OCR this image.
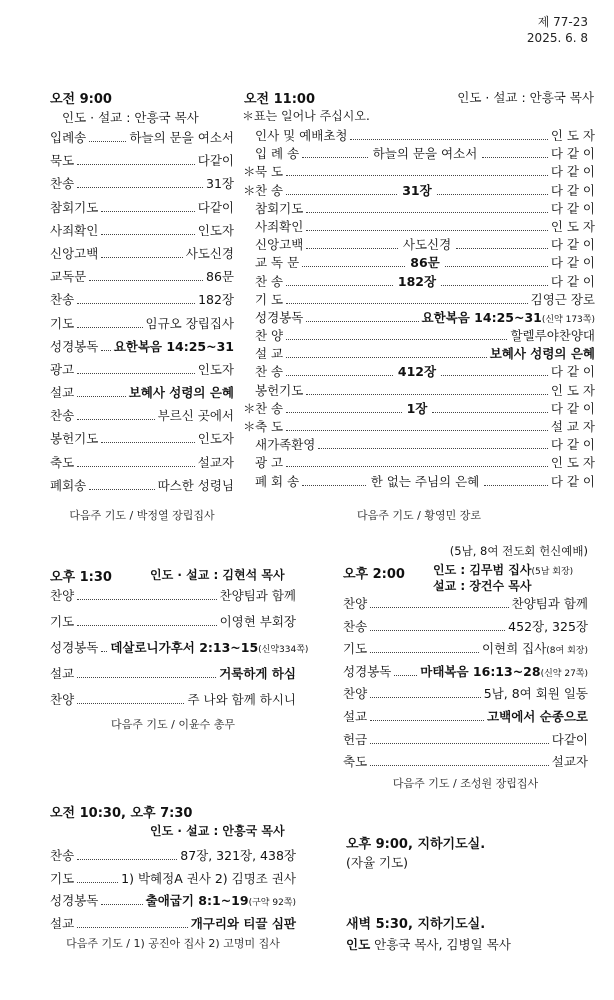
제 77-23
2025. 6. 8
오전 9:00
인도 · 설교 : 안흥국 목사
입례송	하늘의 문을 여소서
묵도	다같이
찬송	31장
참회기도	다같이
사죄확인	인도자
신앙고백	사도신경
교독문	86문
찬송	182장
기도	임규오 장립집사
성경봉독 요한복음 14:25~31
광고	인도자
설교	보혜사 성령의 은혜
찬송	부르신 곳에서
봉헌기도	인도자
축도	설교자
폐회송	따스한 성령님
다음주 기도 / 박정열 장립집사
오전 11:00	인도 · 설교 : 안흥국 목사
＊표는 일어나 주십시오.
인사 및 예배초청	인 도 자
입 례 송	하늘의 문을 여소서	다 같 이
＊ 묵 도	다 같 이
＊ 찬 송	31장	다 같 이
참회기도	다 같 이
사죄확인	인 도 자
신앙고백	사도신경	다 같 이
교 독 문	86문	다 같 이
찬 송	182장	다 같 이
기 도	김영근 장로
성경봉독	요한복음 14:25~31 (신약 173쪽)
찬 양	할렐루야찬양대
설 교	보혜사 성령의 은혜
찬 송	412장	다 같 이
봉헌기도	인 도 자
＊ 찬 송	1장	다 같 이
＊ 축 도	설 교 자
새가족환영	다 같 이
광 고	인 도 자
폐 회 송	한 없는 주님의 은혜	다 같 이
다음주 기도 / 황영민 장로
오후 1:30	인도 · 설교 : 김현석 목사
찬양	찬양팀과 함께
기도	이영현 부회장
성경봉독 데살로니가후서 2:13~15 (신약334쪽)
설교	거룩하게 하심
찬양	주 나와 함께 하시니
다음주 기도 / 이윤수 총무
(5남, 8여 전도회 헌신예배)
오후 2:00 인도 : 김무범 집사(5남 회장)
설교 : 장건수 목사
찬양	찬양팀과 함께
찬송	452장, 325장
기도	이현희 집사 (8여 회장)
성경봉독 마태복음 16:13~28 (신약 27쪽)
찬양	5남, 8여 회원 일동
설교	고백에서 순종으로
헌금	다같이
축도	설교자
다음주 기도 / 조성원 장립집사
오전 10:30, 오후 7:30
인도 · 설교 : 안흥국 목사
찬송	87장, 321장, 438장
기도	1) 박혜정A 권사 2) 김명조 권사
성경봉독	출애굽기 8:1~19 (구약 92쪽)
설교	개구리와 티끌 심판
다음주 기도 / 1) 공진아 집사 2) 고명미 집사
오후 9:00, 지하기도실.
(자율 기도)
새벽 5:30, 지하기도실.
인도 안흥국 목사, 김병일 목사
